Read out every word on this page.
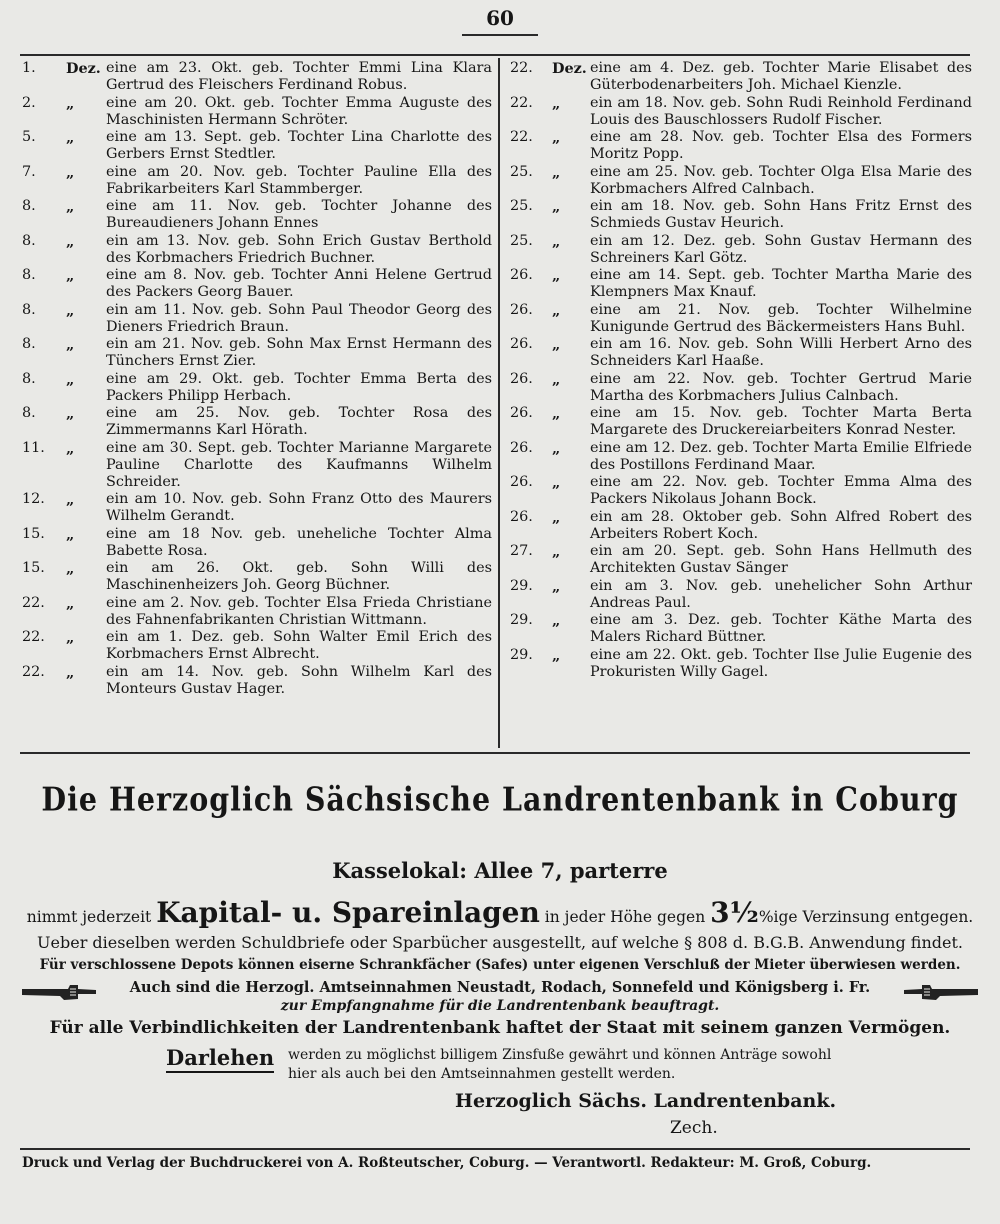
60
1.	Dez. eine am 23. Okt. geb. Tochter Emmi Lina Klara Gertrud des Fleischers Ferdinand Robus.
2.	„	eine am 20. Okt. geb. Tochter Emma Auguste des Maschinisten Hermann Schröter.
5.	„	eine am 13. Sept. geb. Tochter Lina Charlotte des Gerbers Ernst Stedtler.
7.	„	eine am 20. Nov. geb. Tochter Pauline Ella des Fabrikarbeiters Karl Stammberger.
8.	„	eine am 11. Nov. geb. Tochter Johanne des Bureaudieners Johann Ennes
8.	„	ein am 13. Nov. geb. Sohn Erich Gustav Berthold des Korbmachers Friedrich Buchner.
8.	„	eine am 8. Nov. geb. Tochter Anni Helene Gertrud des Packers Georg Bauer.
8.	„	ein am 11. Nov. geb. Sohn Paul Theodor Georg des Dieners Friedrich Braun.
8.	„	ein am 21. Nov. geb. Sohn Max Ernst Hermann des Tünchers Ernst Zier.
8.	„	eine am 29. Okt. geb. Tochter Emma Berta des Packers Philipp Herbach.
8.	„	eine am 25. Nov. geb. Tochter Rosa des Zimmermanns Karl Hörath.
11.	„	eine am 30. Sept. geb. Tochter Marianne Margarete Pauline Charlotte des Kaufmanns Wilhelm Schreider.
12.	„	ein am 10. Nov. geb. Sohn Franz Otto des Maurers Wilhelm Gerandt.
15.	„	eine am 18 Nov. geb. uneheliche Tochter Alma Babette Rosa.
15.	„	ein am 26. Okt. geb. Sohn Willi des Maschinenheizers Joh. Georg Büchner.
22.	„	eine am 2. Nov. geb. Tochter Elsa Frieda Christiane des Fahnenfabrikanten Christian Wittmann.
22.	„	ein am 1. Dez. geb. Sohn Walter Emil Erich des Korbmachers Ernst Albrecht.
22.	„	ein am 14. Nov. geb. Sohn Wilhelm Karl des Monteurs Gustav Hager.
22.	Dez. eine am 4. Dez. geb. Tochter Marie Elisabet des Güterbodenarbeiters Joh. Michael Kienzle.
22.	„	ein am 18. Nov. geb. Sohn Rudi Reinhold Ferdinand Louis des Bauschlossers Rudolf Fischer.
22.	„	eine am 28. Nov. geb. Tochter Elsa des Formers Moritz Popp.
25.	„	eine am 25. Nov. geb. Tochter Olga Elsa Marie des Korbmachers Alfred Calnbach.
25.	„	ein am 18. Nov. geb. Sohn Hans Fritz Ernst des Schmieds Gustav Heurich.
25.	„	ein am 12. Dez. geb. Sohn Gustav Hermann des Schreiners Karl Götz.
26.	„	eine am 14. Sept. geb. Tochter Martha Marie des Klempners Max Knauf.
26.	„	eine am 21. Nov. geb. Tochter Wilhelmine Kunigunde Gertrud des Bäckermeisters Hans Buhl.
26.	„	ein am 16. Nov. geb. Sohn Willi Herbert Arno des Schneiders Karl Haaße.
26.	„	eine am 22. Nov. geb. Tochter Gertrud Marie Martha des Korbmachers Julius Calnbach.
26.	„	eine am 15. Nov. geb. Tochter Marta Berta Margarete des Druckereiarbeiters Konrad Nester.
26.	„	eine am 12. Dez. geb. Tochter Marta Emilie Elfriede des Postillons Ferdinand Maar.
26.	„	eine am 22. Nov. geb. Tochter Emma Alma des Packers Nikolaus Johann Bock.
26.	„	ein am 28. Oktober geb. Sohn Alfred Robert des Arbeiters Robert Koch.
27.	„	ein am 20. Sept. geb. Sohn Hans Hellmuth des Architekten Gustav Sänger
29.	„	ein am 3. Nov. geb. unehelicher Sohn Arthur Andreas Paul.
29.	„	eine am 3. Dez. geb. Tochter Käthe Marta des Malers Richard Büttner.
29.	„	eine am 22. Okt. geb. Tochter Ilse Julie Eugenie des Prokuristen Willy Gagel.
Die Herzoglich Sächsische Landrentenbank in Coburg
Kasselokal: Allee 7, parterre
nimmt jederzeit Kapital- u. Spareinlagen in jeder Höhe gegen 3½%ige Verzinsung entgegen.
Ueber dieselben werden Schuldbriefe oder Sparbücher ausgestellt, auf welche § 808 d. B.G.B. Anwendung findet.
Für verschlossene Depots können eiserne Schrankfächer (Safes) unter eigenen Verschluß der Mieter überwiesen werden.
Auch sind die Herzogl. Amtseinnahmen Neustadt, Rodach, Sonnefeld und Königsberg i. Fr.
zur Empfangnahme für die Landrentenbank beauftragt.
Für alle Verbindlichkeiten der Landrentenbank haftet der Staat mit seinem ganzen Vermögen.
Darlehen werden zu möglichst billigem Zinsfuße gewährt und können Anträge sowohl hier als auch bei den Amtseinnahmen gestellt werden.
Herzoglich Sächs. Landrentenbank.
Zech.
Druck und Verlag der Buchdruckerei von A. Roßteutscher, Coburg. — Verantwortl. Redakteur: M. Groß, Coburg.
